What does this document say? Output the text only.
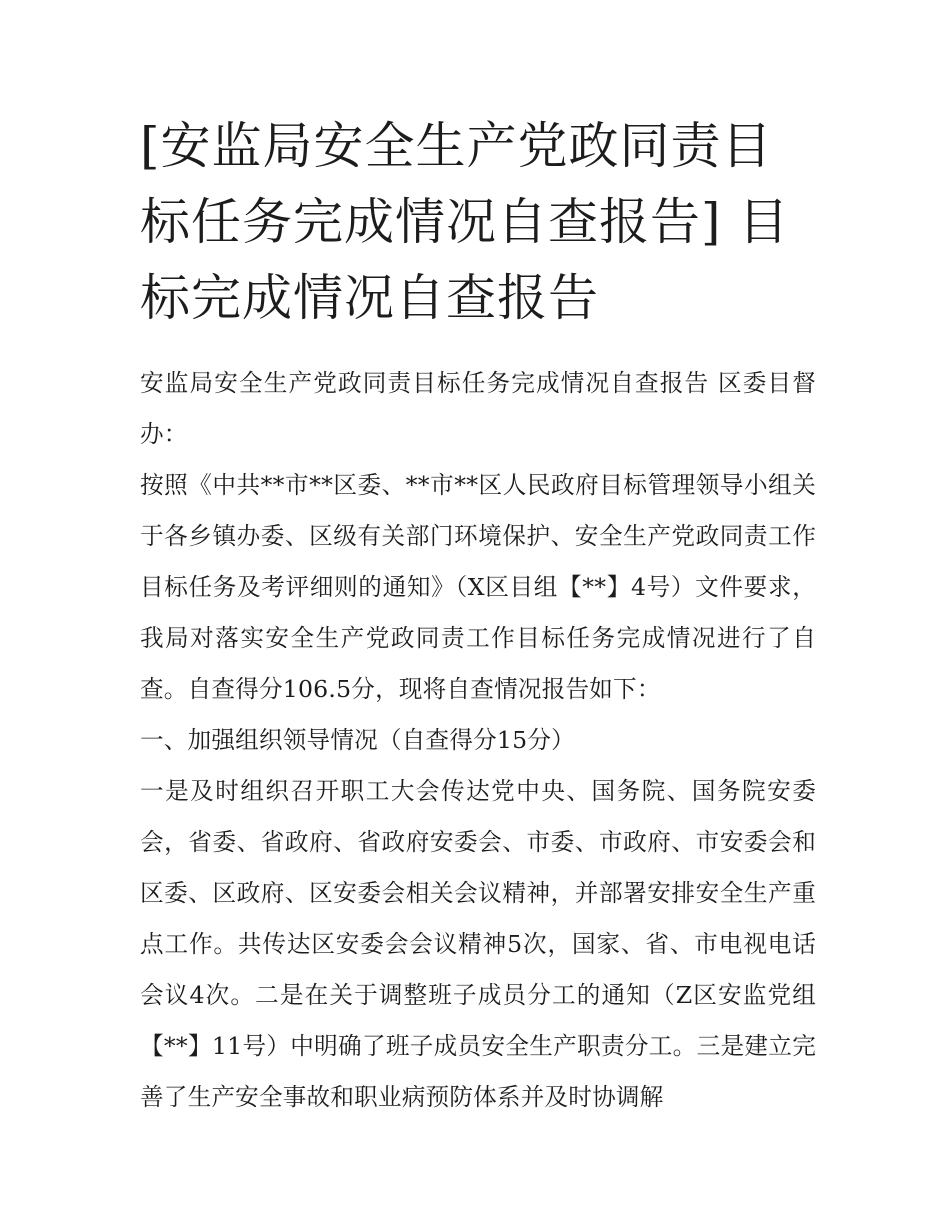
[安监局安全生产党政同责目标任务完成情况自查报告] 目标完成情况自查报告

安监局安全生产党政同责目标任务完成情况自查报告 区委目督办：

按照《中共**市**区委、**市**区人民政府目标管理领导小组关于各乡镇办委、区级有关部门环境保护、安全生产党政同责工作目标任务及考评细则的通知》（X区目组【**】4号）文件要求，我局对落实安全生产党政同责工作目标任务完成情况进行了自查。自查得分106.5分，现将自查情况报告如下：

一、加强组织领导情况（自查得分15分）

一是及时组织召开职工大会传达党中央、国务院、国务院安委会，省委、省政府、省政府安委会、市委、市政府、市安委会和区委、区政府、区安委会相关会议精神，并部署安排安全生产重点工作。共传达区安委会会议精神5次，国家、省、市电视电话会议4次。二是在关于调整班子成员分工的通知（Z区安监党组【**】11号）中明确了班子成员安全生产职责分工。三是建立完善了生产安全事故和职业病预防体系并及时协调解
